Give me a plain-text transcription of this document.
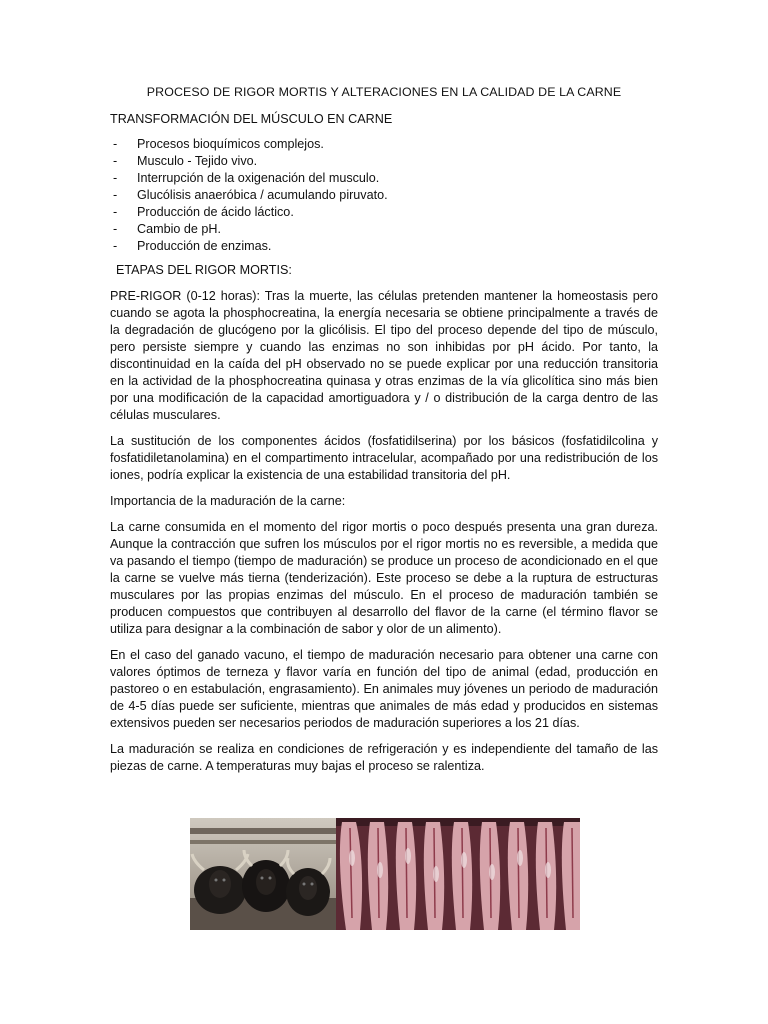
PROCESO DE RIGOR MORTIS Y ALTERACIONES EN LA CALIDAD DE LA CARNE
TRANSFORMACIÓN DEL MÚSCULO EN CARNE
- Procesos bioquímicos complejos.
- Musculo - Tejido vivo.
- Interrupción de la oxigenación del musculo.
- Glucólisis anaeróbica / acumulando piruvato.
- Producción de ácido láctico.
- Cambio de pH.
- Producción de enzimas.
ETAPAS DEL RIGOR MORTIS:

PRE-RIGOR (0-12 horas): Tras la muerte, las células pretenden mantener la homeostasis pero cuando se agota la phosphocreatina, la energía necesaria se obtiene principalmente a través de la degradación de glucógeno por la glicólisis. El tipo del proceso depende del tipo de músculo, pero persiste siempre y cuando las enzimas no son inhibidas por pH ácido. Por tanto, la discontinuidad en la caída del pH observado no se puede explicar por una reducción transitoria en la actividad de la phosphocreatina quinasa y otras enzimas de la vía glicolítica sino más bien por una modificación de la capacidad amortiguadora y / o distribución de la carga dentro de las células musculares.

La sustitución de los componentes ácidos (fosfatidilserina) por los básicos (fosfatidilcolina y fosfatidiletanolamina) en el compartimento intracelular, acompañado por una redistribución de los iones, podría explicar la existencia de una estabilidad transitoria del pH.

Importancia de la maduración de la carne:

La carne consumida en el momento del rigor mortis o poco después presenta una gran dureza. Aunque la contracción que sufren los músculos por el rigor mortis no es reversible, a medida que va pasando el tiempo (tiempo de maduración) se produce un proceso de acondicionado en el que la carne se vuelve más tierna (tenderización). Este proceso se debe a la ruptura de estructuras musculares por las propias enzimas del músculo. En el proceso de maduración también se producen compuestos que contribuyen al desarrollo del flavor de la carne (el término flavor se utiliza para designar a la combinación de sabor y olor de un alimento).

En el caso del ganado vacuno, el tiempo de maduración necesario para obtener una carne con valores óptimos de terneza y flavor varía en función del tipo de animal (edad, producción en pastoreo o en estabulación, engrasamiento). En animales muy jóvenes un periodo de maduración de 4-5 días puede ser suficiente, mientras que animales de más edad y producidos en sistemas extensivos pueden ser necesarios periodos de maduración superiores a los 21 días.

La maduración se realiza en condiciones de refrigeración y es independiente del tamaño de las piezas de carne. A temperaturas muy bajas el proceso se ralentiza.
